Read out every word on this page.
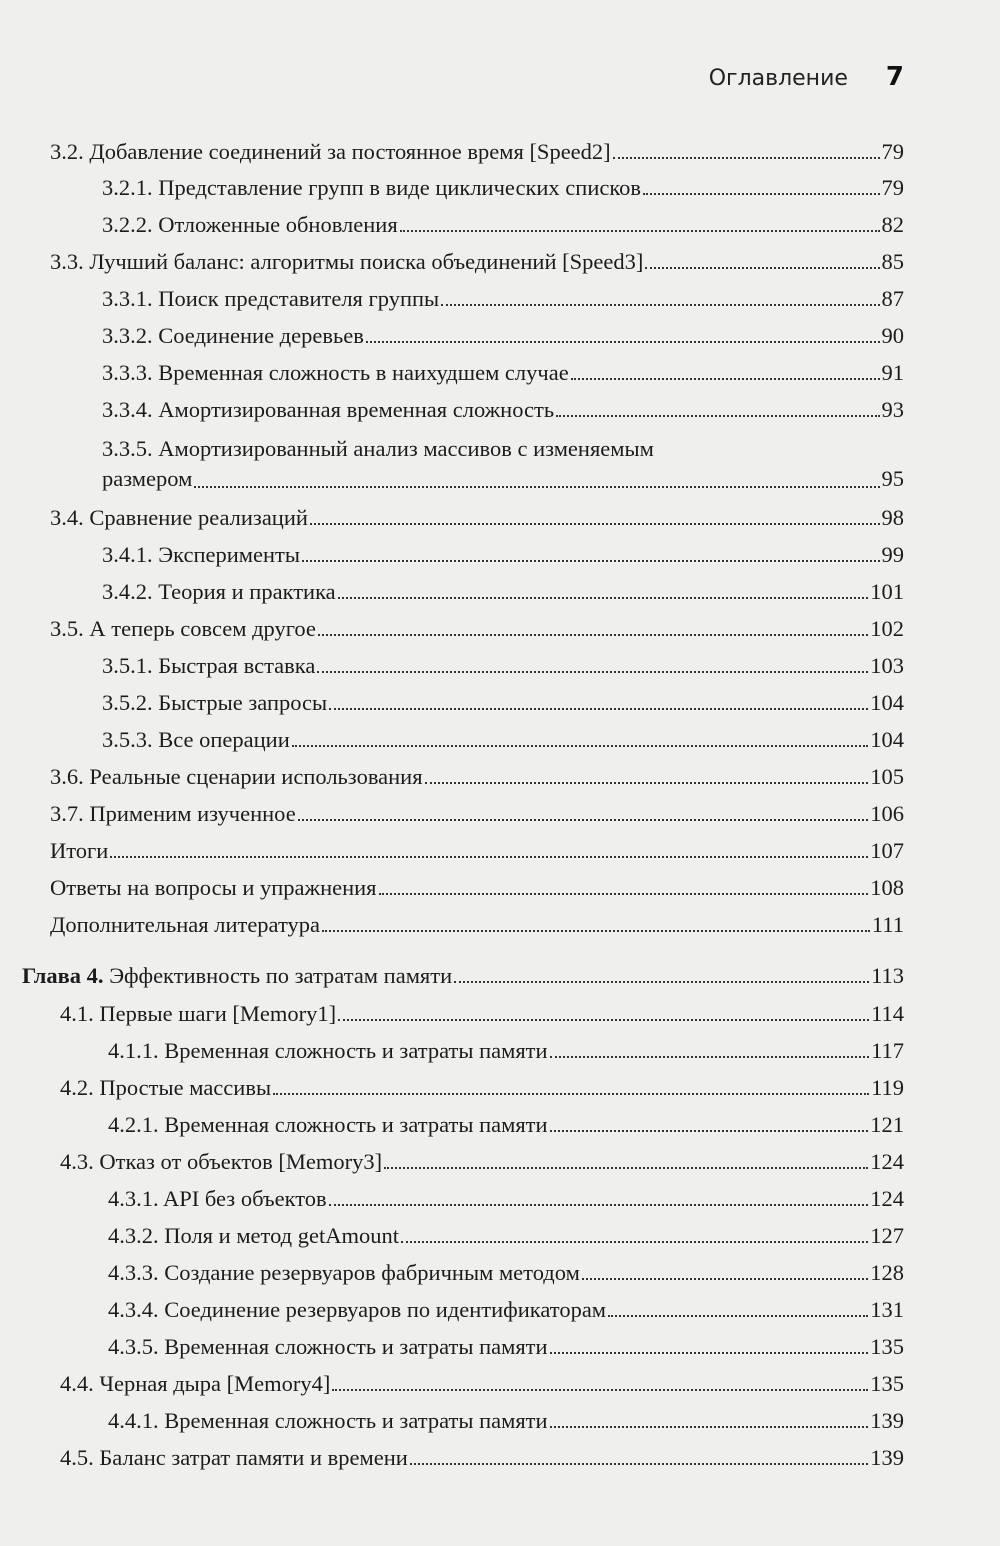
Оглавление 7
3.2. Добавление соединений за постоянное время [Speed2]	79
3.2.1. Представление групп в виде циклических списков	79
3.2.2. Отложенные обновления	82
3.3. Лучший баланс: алгоритмы поиска объединений [Speed3]	85
3.3.1. Поиск представителя группы	87
3.3.2. Соединение деревьев	90
3.3.3. Временная сложность в наихудшем случае	91
3.3.4. Амортизированная временная сложность	93
3.3.5. Амортизированный анализ массивов с изменяемым
размером	95
3.4. Сравнение реализаций	98
3.4.1. Эксперименты	99
3.4.2. Теория и практика	101
3.5. А теперь совсем другое	102
3.5.1. Быстрая вставка	103
3.5.2. Быстрые запросы	104
3.5.3. Все операции	104
3.6. Реальные сценарии использования	105
3.7. Применим изученное	106
Итоги	107
Ответы на вопросы и упражнения	108
Дополнительная литература	111
Глава 4. Эффективность по затратам памяти	113
4.1. Первые шаги [Memory1]	114
4.1.1. Временная сложность и затраты памяти	117
4.2. Простые массивы	119
4.2.1. Временная сложность и затраты памяти	121
4.3. Отказ от объектов [Memory3]	124
4.3.1. API без объектов	124
4.3.2. Поля и метод getAmount	127
4.3.3. Создание резервуаров фабричным методом	128
4.3.4. Соединение резервуаров по идентификаторам	131
4.3.5. Временная сложность и затраты памяти	135
4.4. Черная дыра [Memory4]	135
4.4.1. Временная сложность и затраты памяти	139
4.5. Баланс затрат памяти и времени	139
